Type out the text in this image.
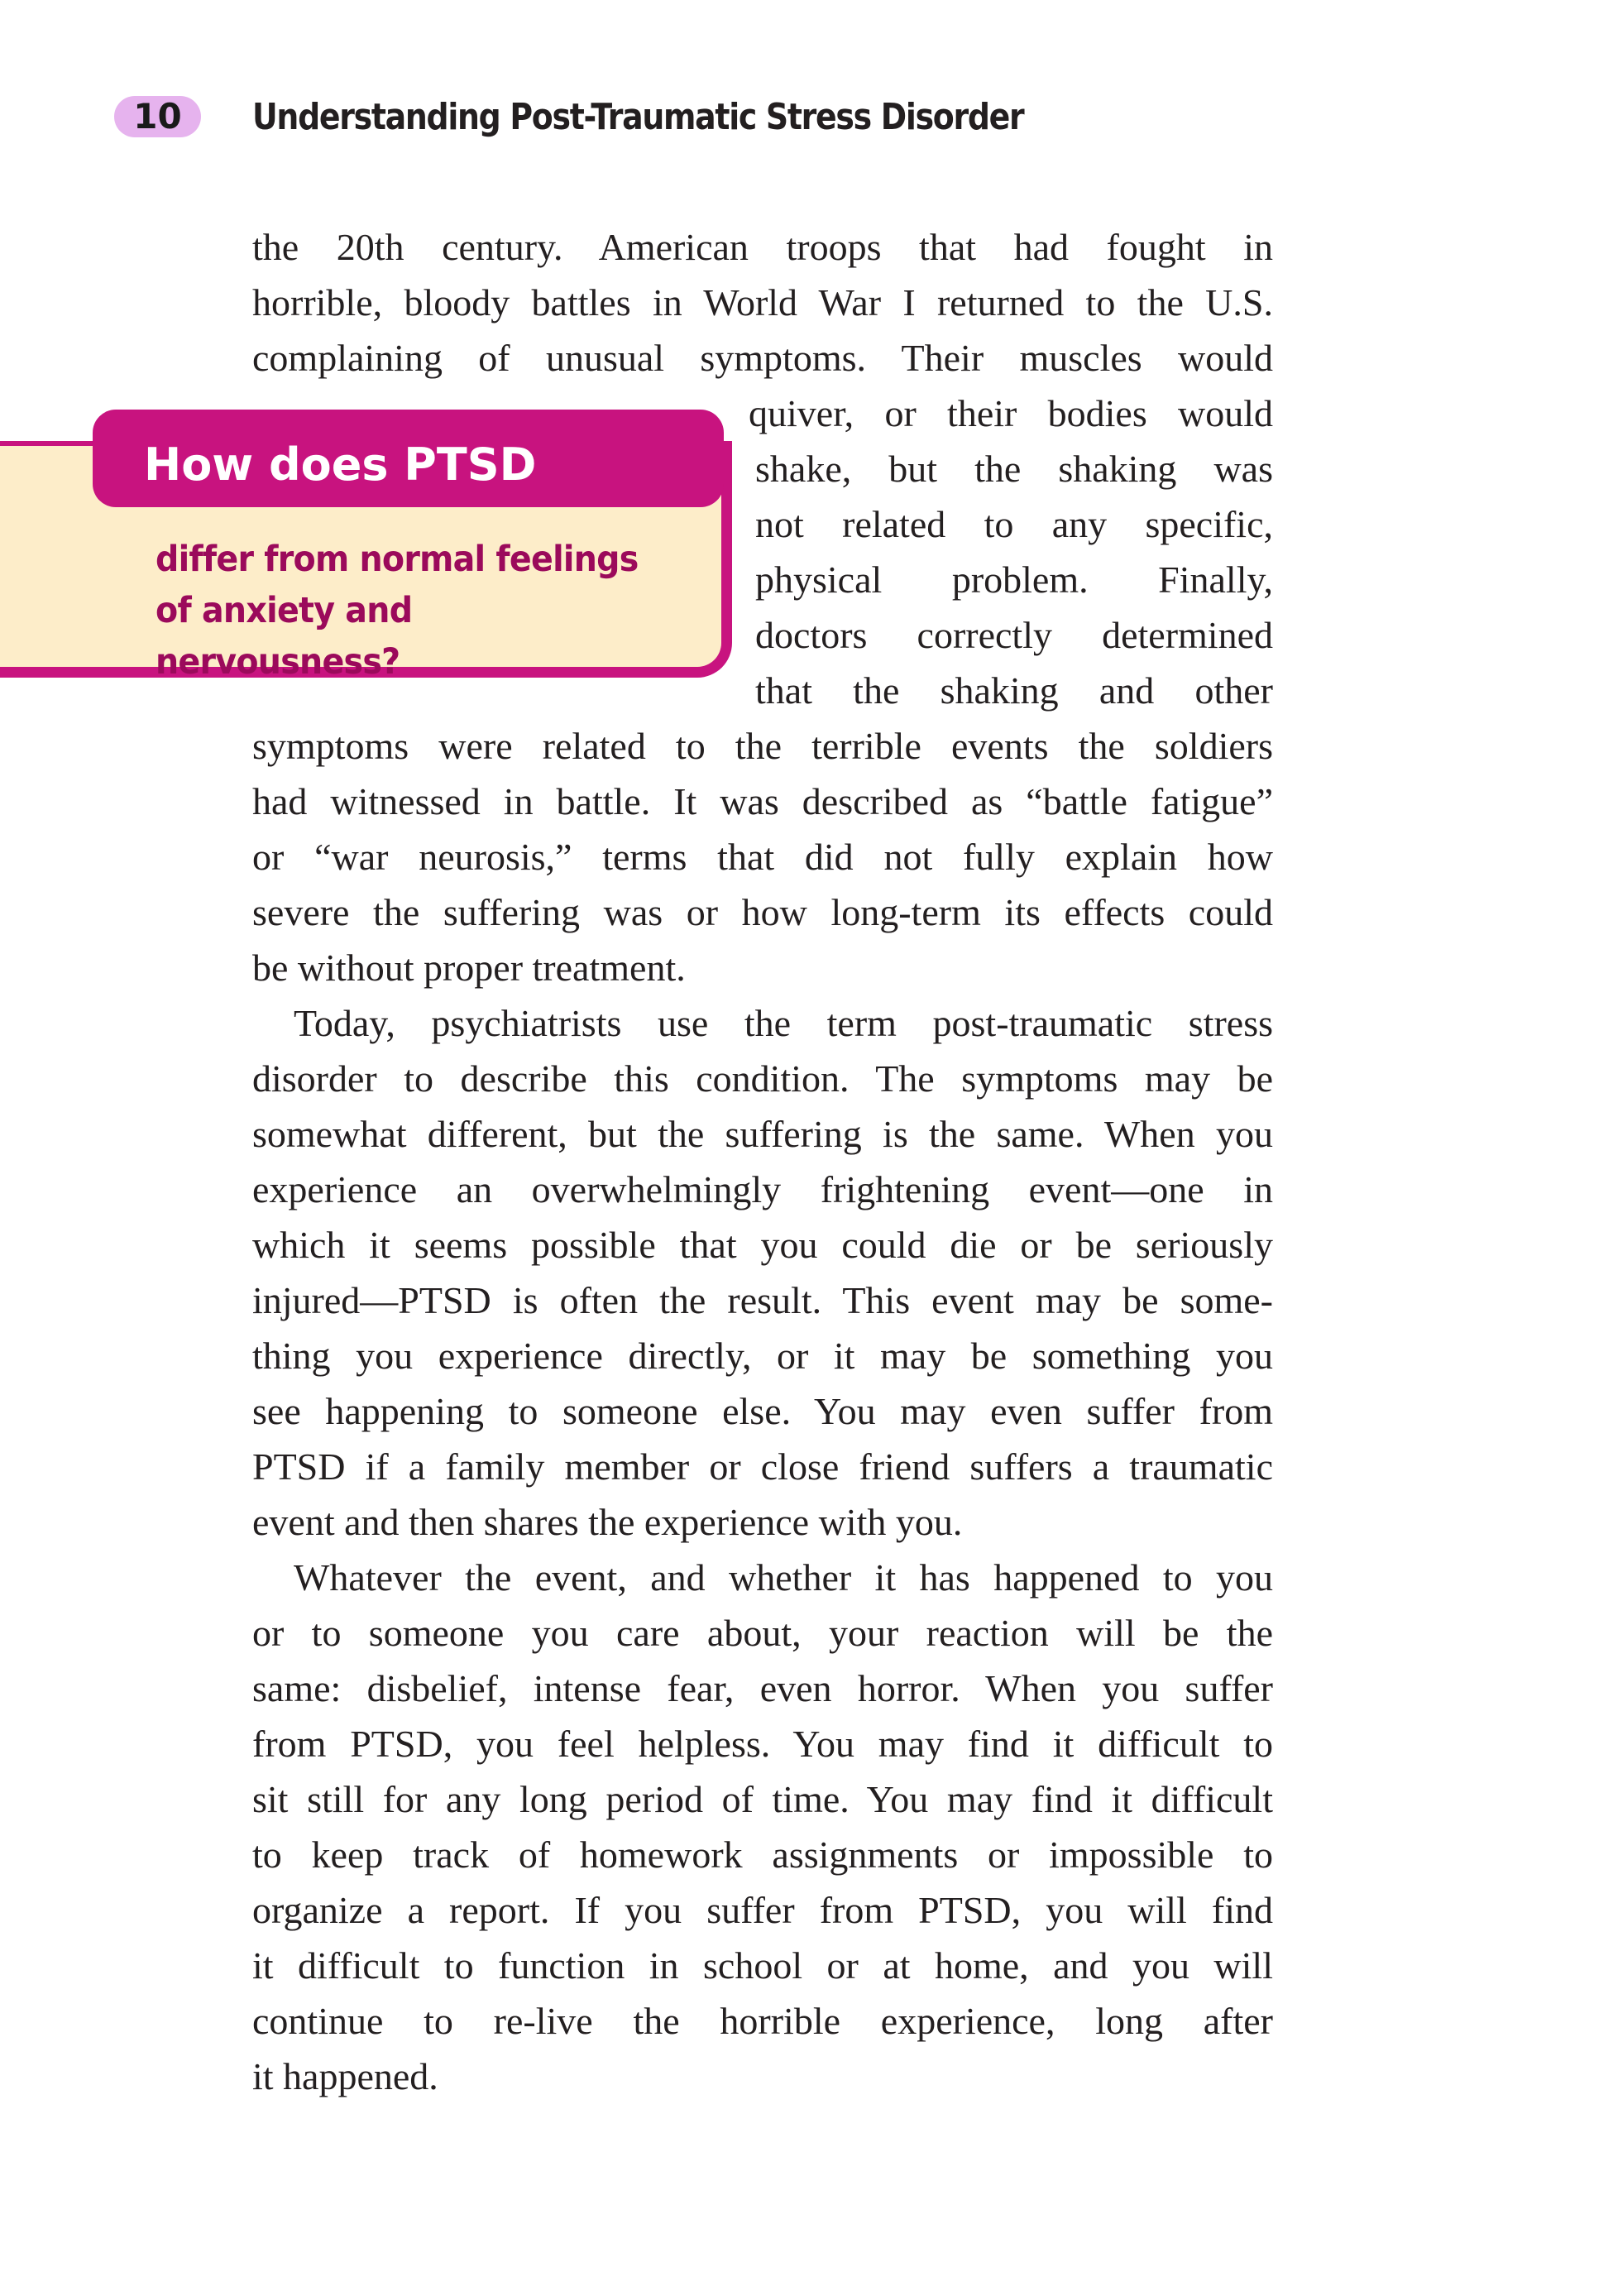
10	Understanding Post-Traumatic Stress Disorder
How does PTSD
differ from normal feelings of anxiety and nervousness?
the 20th century. American troops that had fought in
horrible, bloody battles in World War I returned to the U.S.
complaining of unusual symptoms. Their muscles would
quiver, or their bodies would
shake, but the shaking was
not related to any specific,
physical problem. Finally,
doctors correctly determined
that the shaking and other
symptoms were related to the terrible events the soldiers
had witnessed in battle. It was described as “battle fatigue”
or “war neurosis,” terms that did not fully explain how
severe the suffering was or how long-term its effects could
be without proper treatment.
Today, psychiatrists use the term post-traumatic stress
disorder to describe this condition. The symptoms may be
somewhat different, but the suffering is the same. When you
experience an overwhelmingly frightening event—one in
which it seems possible that you could die or be seriously
injured—PTSD is often the result. This event may be some-
thing you experience directly, or it may be something you
see happening to someone else. You may even suffer from
PTSD if a family member or close friend suffers a traumatic
event and then shares the experience with you.
Whatever the event, and whether it has happened to you
or to someone you care about, your reaction will be the
same: disbelief, intense fear, even horror. When you suffer
from PTSD, you feel helpless. You may find it difficult to
sit still for any long period of time. You may find it difficult
to keep track of homework assignments or impossible to
organize a report. If you suffer from PTSD, you will find
it difficult to function in school or at home, and you will
continue to re-live the horrible experience, long after
it happened.
